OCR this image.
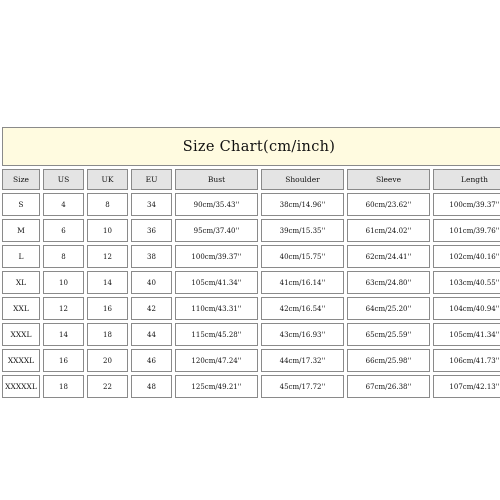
Size Chart(cm/inch)
Size	US	UK	EU	Bust	Shoulder	Sleeve	Length
S	4	8	34	90cm/35.43''	38cm/14.96''	60cm/23.62''	100cm/39.37''
M	6	10	36	95cm/37.40''	39cm/15.35''	61cm/24.02''	101cm/39.76''
L	8	12	38	100cm/39.37''	40cm/15.75''	62cm/24.41''	102cm/40.16''
XL	10	14	40	105cm/41.34''	41cm/16.14''	63cm/24.80''	103cm/40.55''
XXL	12	16	42	110cm/43.31''	42cm/16.54''	64cm/25.20''	104cm/40.94''
XXXL	14	18	44	115cm/45.28''	43cm/16.93''	65cm/25.59''	105cm/41.34''
XXXXL	16	20	46	120cm/47.24''	44cm/17.32''	66cm/25.98''	106cm/41.73''
XXXXXL	18	22	48	125cm/49.21''	45cm/17.72''	67cm/26.38''	107cm/42.13''
